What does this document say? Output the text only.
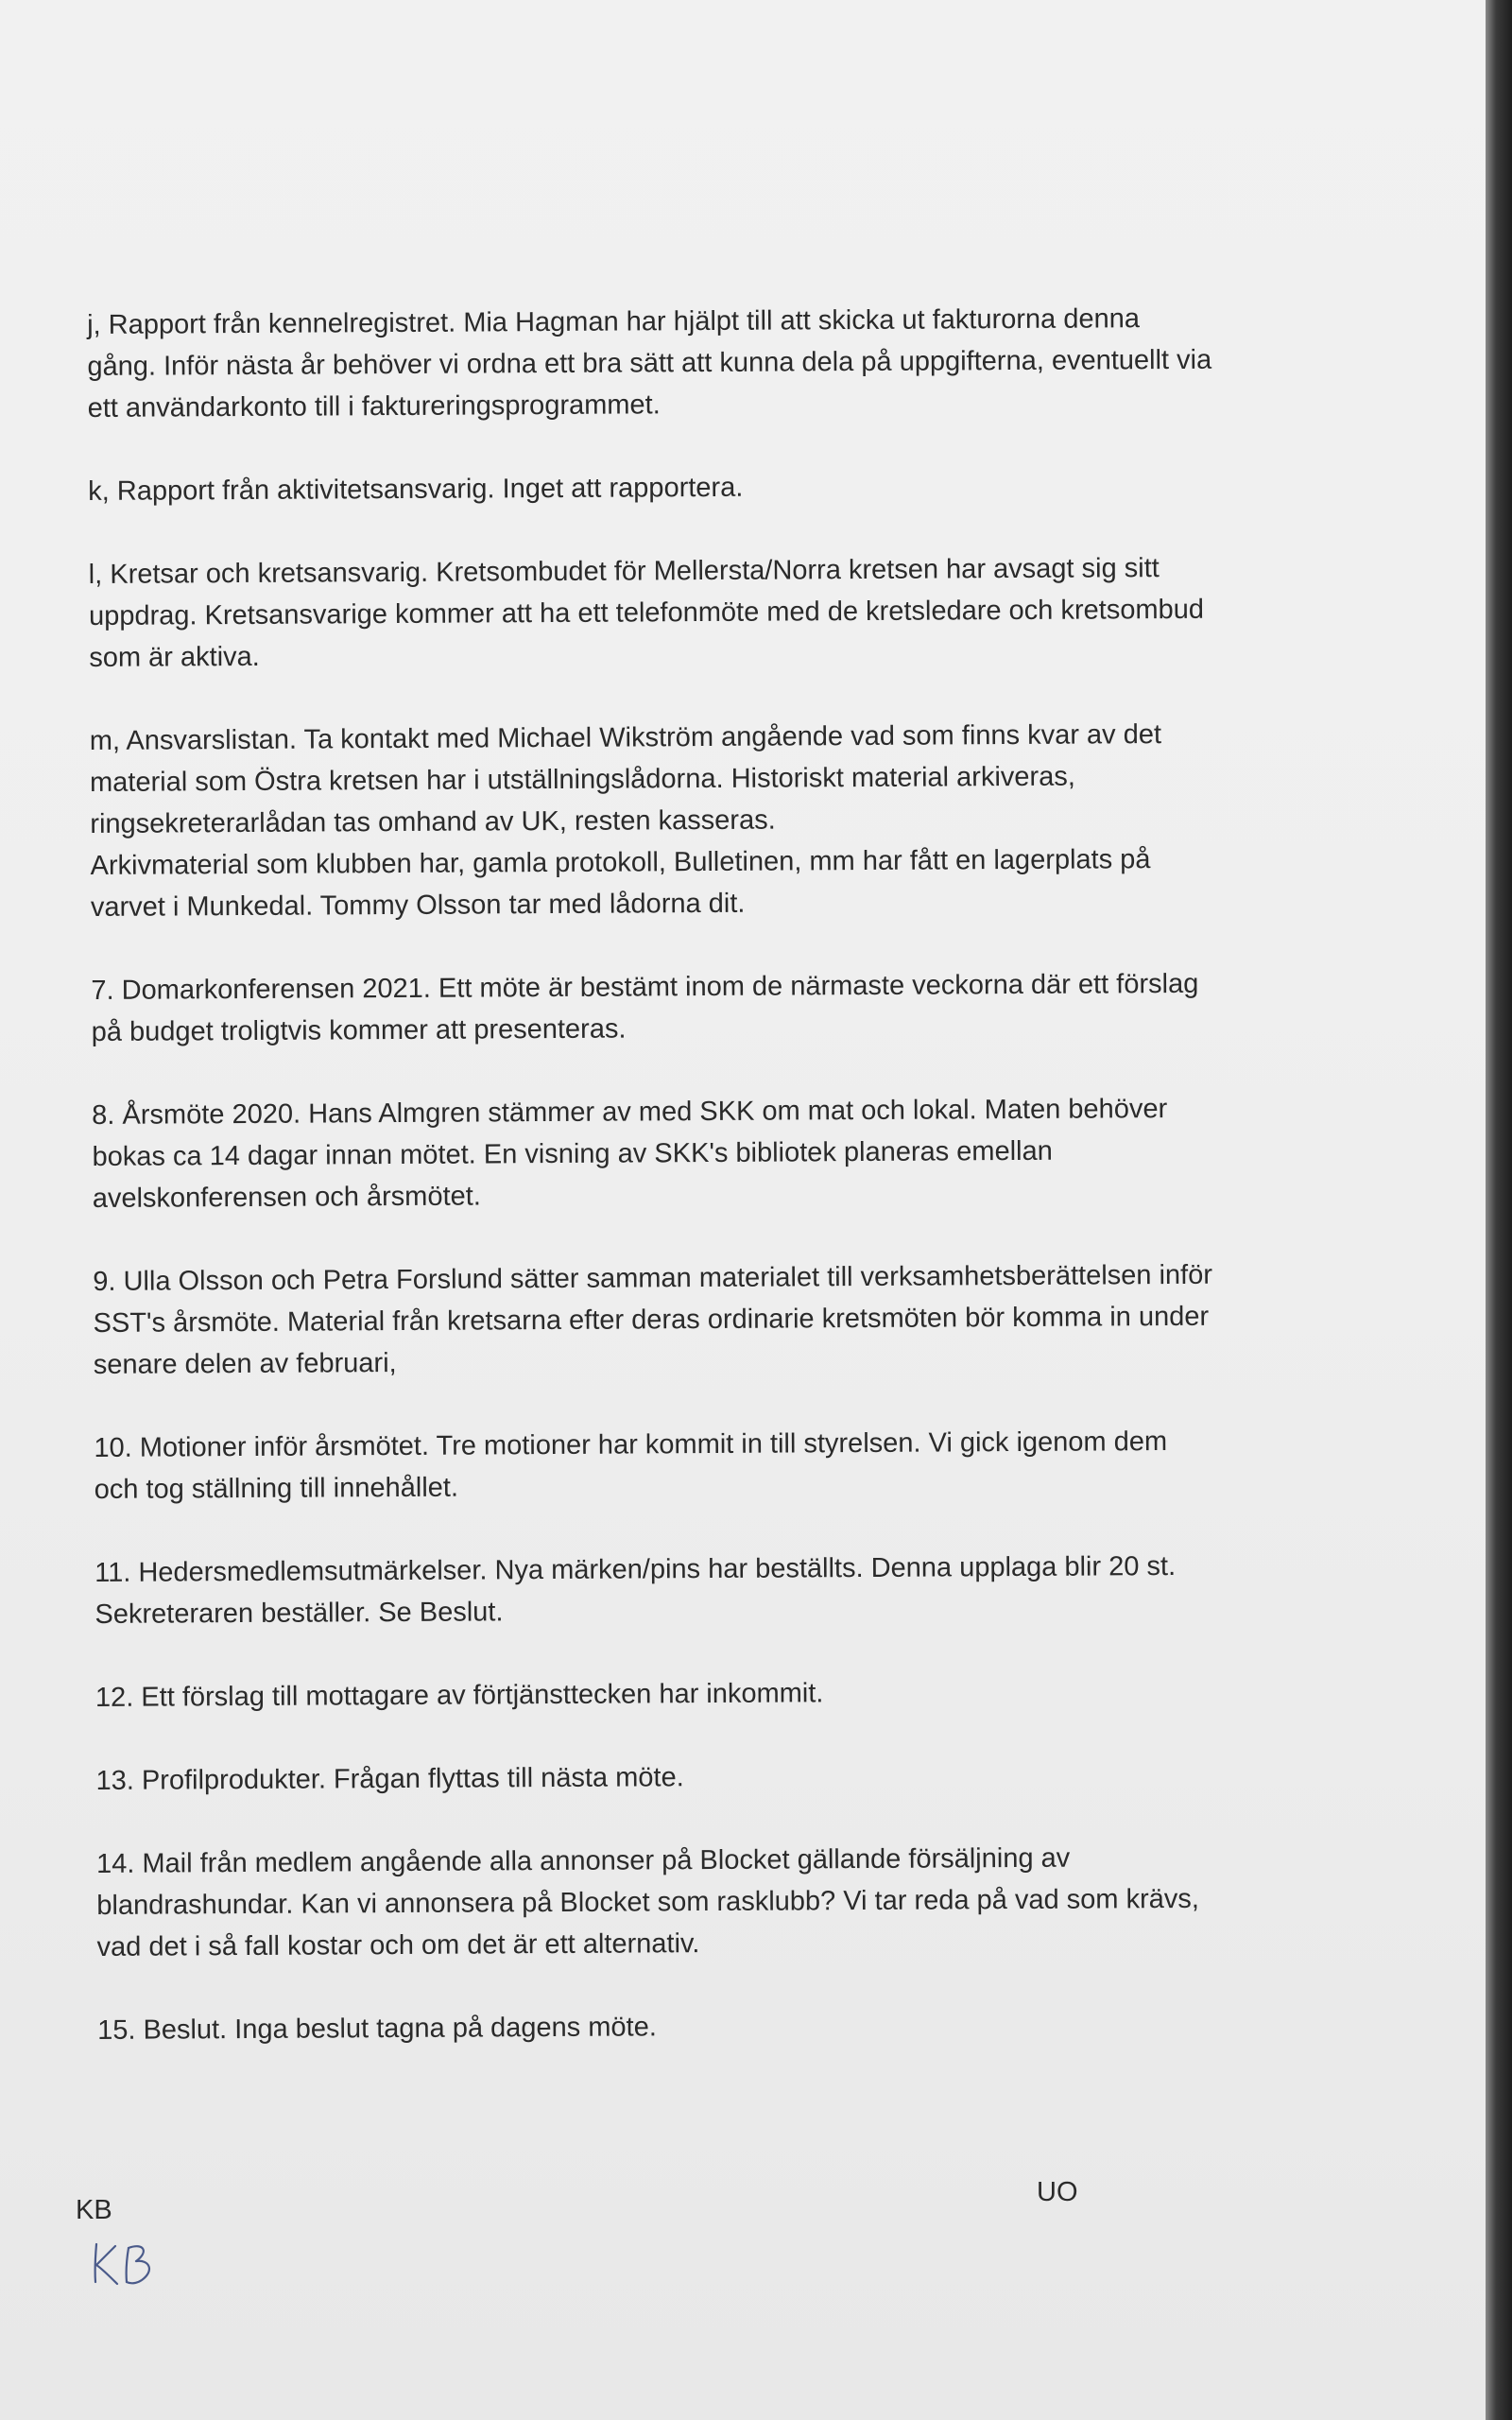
j, Rapport från kennelregistret. Mia Hagman har hjälpt till att skicka ut fakturorna denna
gång. Inför nästa år behöver vi ordna ett bra sätt att kunna dela på uppgifterna, eventuellt via
ett användarkonto till i faktureringsprogrammet.

k, Rapport från aktivitetsansvarig. Inget att rapportera.

l, Kretsar och kretsansvarig. Kretsombudet för Mellersta/Norra kretsen har avsagt sig sitt
uppdrag. Kretsansvarige kommer att ha ett telefonmöte med de kretsledare och kretsombud
som är aktiva.

m, Ansvarslistan. Ta kontakt med Michael Wikström angående vad som finns kvar av det
material som Östra kretsen har i utställningslådorna. Historiskt material arkiveras,
ringsekreterarlådan tas omhand av UK, resten kasseras.
Arkivmaterial som klubben har, gamla protokoll, Bulletinen, mm har fått en lagerplats på
varvet i Munkedal. Tommy Olsson tar med lådorna dit.

7. Domarkonferensen 2021. Ett möte är bestämt inom de närmaste veckorna där ett förslag
på budget troligtvis kommer att presenteras.

8. Årsmöte 2020. Hans Almgren stämmer av med SKK om mat och lokal. Maten behöver
bokas ca 14 dagar innan mötet. En visning av SKK's bibliotek planeras emellan
avelskonferensen och årsmötet.

9. Ulla Olsson och Petra Forslund sätter samman materialet till verksamhetsberättelsen inför
SST's årsmöte. Material från kretsarna efter deras ordinarie kretsmöten bör komma in under
senare delen av februari,

10. Motioner inför årsmötet. Tre motioner har kommit in till styrelsen. Vi gick igenom dem
och tog ställning till innehållet.

11. Hedersmedlemsutmärkelser. Nya märken/pins har beställts. Denna upplaga blir 20 st.
Sekreteraren beställer. Se Beslut.

12. Ett förslag till mottagare av förtjänsttecken har inkommit.

13. Profilprodukter. Frågan flyttas till nästa möte.

14. Mail från medlem angående alla annonser på Blocket gällande försäljning av
blandrashundar. Kan vi annonsera på Blocket som rasklubb? Vi tar reda på vad som krävs,
vad det i så fall kostar och om det är ett alternativ.

15. Beslut. Inga beslut tagna på dagens möte.

KB
UO
